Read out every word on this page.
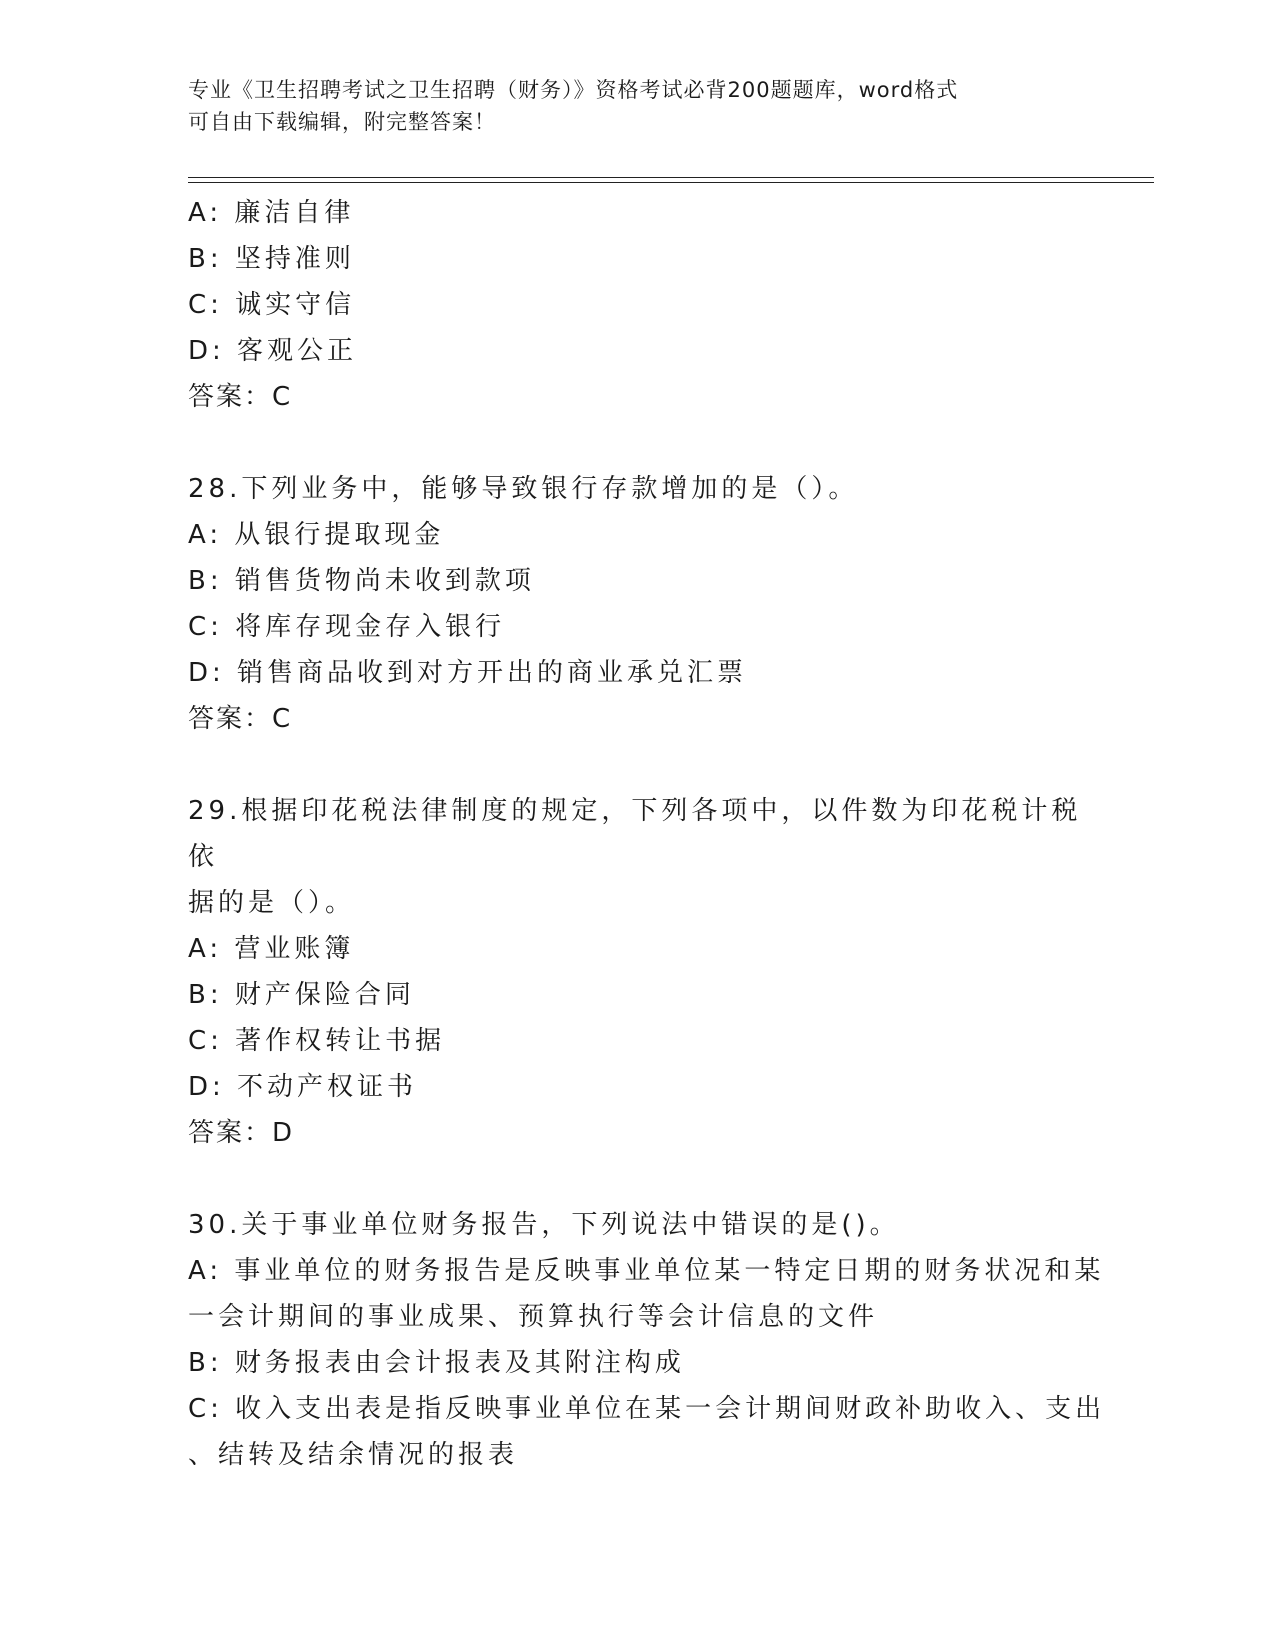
专业《卫生招聘考试之卫生招聘（财务）》资格考试必背200题题库，word格式
可自由下载编辑，附完整答案！
A: 廉洁自律
B: 坚持准则
C: 诚实守信
D: 客观公正
答案：C
28.下列业务中，能够导致银行存款增加的是（）。
A: 从银行提取现金
B: 销售货物尚未收到款项
C: 将库存现金存入银行
D: 销售商品收到对方开出的商业承兑汇票
答案：C
29.根据印花税法律制度的规定，下列各项中，以件数为印花税计税依
据的是（）。
A: 营业账簿
B: 财产保险合同
C: 著作权转让书据
D: 不动产权证书
答案：D
30.关于事业单位财务报告，下列说法中错误的是()。
A: 事业单位的财务报告是反映事业单位某一特定日期的财务状况和某
一会计期间的事业成果、预算执行等会计信息的文件
B: 财务报表由会计报表及其附注构成
C: 收入支出表是指反映事业单位在某一会计期间财政补助收入、支出
、结转及结余情况的报表
